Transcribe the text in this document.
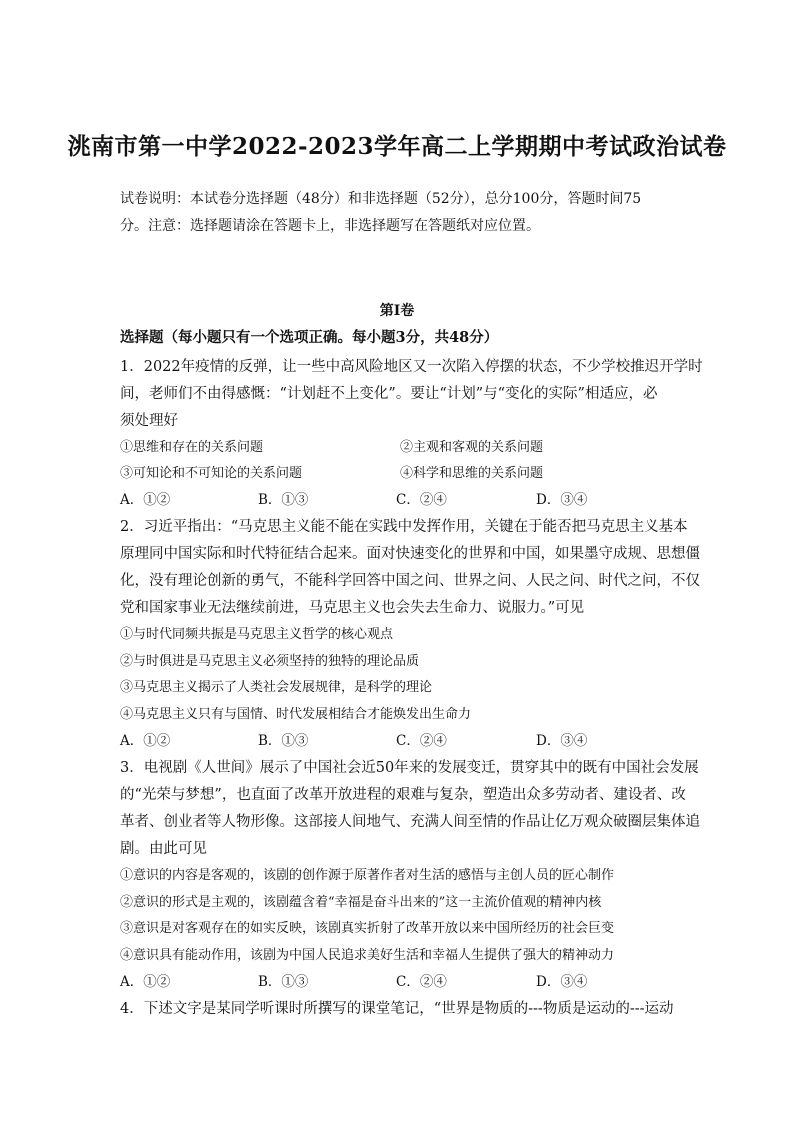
洮南市第一中学2022-2023学年高二上学期期中考试政治试卷
试卷说明：本试卷分选择题（48分）和非选择题（52分），总分100分，答题时间75
分。注意：选择题请涂在答题卡上，非选择题写在答题纸对应位置。
第Ⅰ卷
选择题（每小题只有一个选项正确。每小题3分，共48分）
1．2022年疫情的反弹，让一些中高风险地区又一次陷入停摆的状态，不少学校推迟开学时
间，老师们不由得感慨：“计划赶不上变化”。要让“计划”与“变化的实际”相适应，必
须处理好
①思维和存在的关系问题	②主观和客观的关系问题
③可知论和不可知论的关系问题	④科学和思维的关系问题
A．①②	B．①③	C．②④	D．③④
2．习近平指出：“马克思主义能不能在实践中发挥作用，关键在于能否把马克思主义基本
原理同中国实际和时代特征结合起来。面对快速变化的世界和中国，如果墨守成规、思想僵
化，没有理论创新的勇气，不能科学回答中国之问、世界之问、人民之问、时代之问，不仅
党和国家事业无法继续前进，马克思主义也会失去生命力、说服力。”可见
①与时代同频共振是马克思主义哲学的核心观点
②与时俱进是马克思主义必须坚持的独特的理论品质
③马克思主义揭示了人类社会发展规律，是科学的理论
④马克思主义只有与国情、时代发展相结合才能焕发出生命力
A．①②	B．①③	C．②④	D．③④
3．电视剧《人世间》展示了中国社会近50年来的发展变迁，贯穿其中的既有中国社会发展
的“光荣与梦想”，也直面了改革开放进程的艰难与复杂，塑造出众多劳动者、建设者、改
革者、创业者等人物形像。这部接人间地气、充满人间至情的作品让亿万观众破圈层集体追
剧。由此可见
①意识的内容是客观的，该剧的创作源于原著作者对生活的感悟与主创人员的匠心制作
②意识的形式是主观的，该剧蕴含着“幸福是奋斗出来的”这一主流价值观的精神内核
③意识是对客观存在的如实反映，该剧真实折射了改革开放以来中国所经历的社会巨变
④意识具有能动作用，该剧为中国人民追求美好生活和幸福人生提供了强大的精神动力
A．①②	B．①③	C．②④	D．③④
4．下述文字是某同学听课时所撰写的课堂笔记，“世界是物质的---物质是运动的---运动
